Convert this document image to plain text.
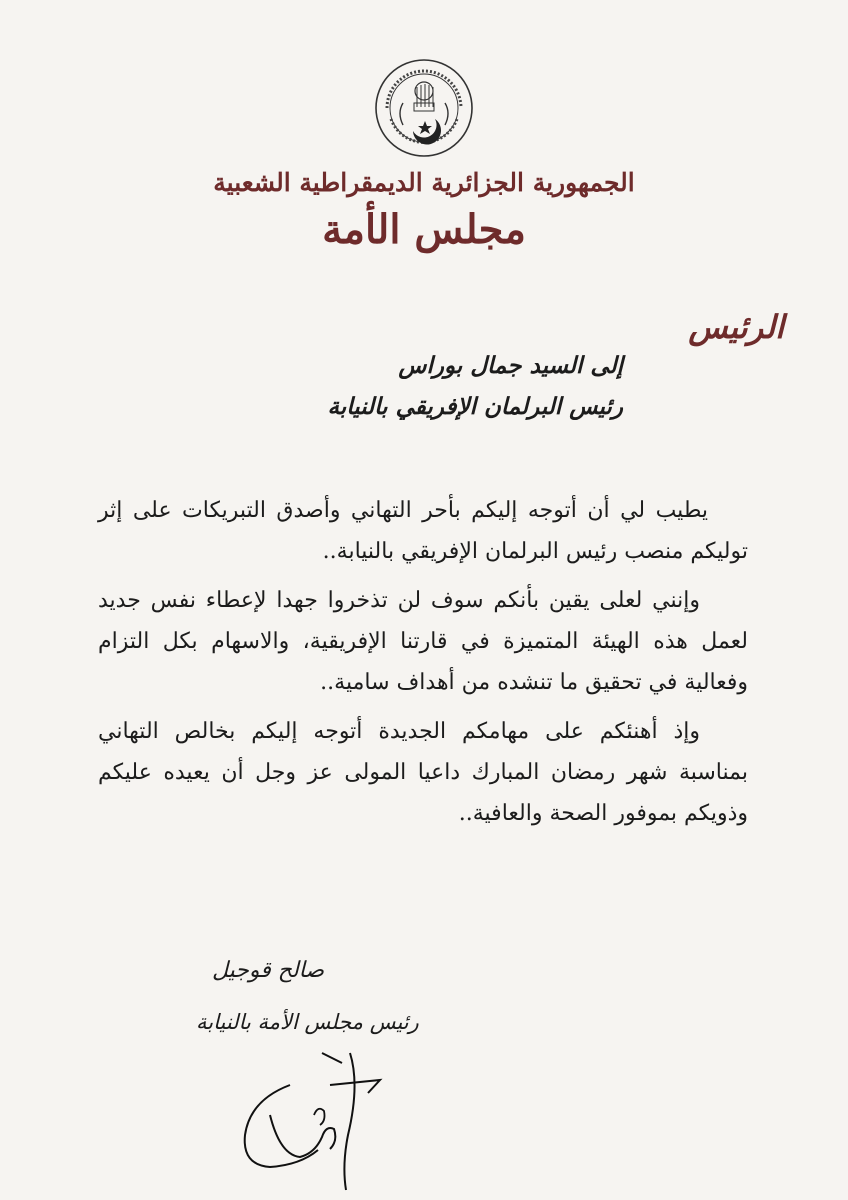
الجمهورية الجزائرية الديمقراطية الشعبية
مجلس الأمة
الرئيس
إلى السيد جمال بوراس
رئيس البرلمان الإفريقي بالنيابة

يطيب لي أن أتوجه إليكم بأحر التهاني وأصدق التبريكات على إثر توليكم منصب رئيس البرلمان الإفريقي بالنيابة..

وإنني لعلى يقين بأنكم سوف لن تذخروا جهدا لإعطاء نفس جديد لعمل هذه الهيئة المتميزة في قارتنا الإفريقية، والاسهام بكل التزام وفعالية في تحقيق ما تنشده من أهداف سامية..

وإذ أهنئكم على مهامكم الجديدة أتوجه إليكم بخالص التهاني بمناسبة شهر رمضان المبارك داعيا المولى عز وجل أن يعيده عليكم وذويكم بموفور الصحة والعافية..

صالح قوجيل
رئيس مجلس الأمة بالنيابة
